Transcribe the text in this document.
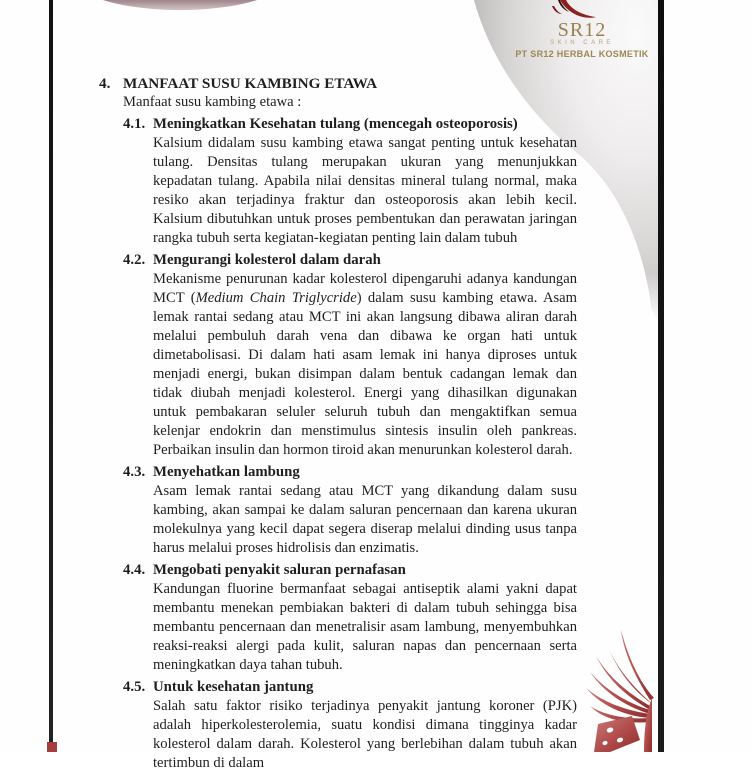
SR12
SKIN CARE
PT SR12 HERBAL KOSMETIK
4. MANFAAT SUSU KAMBING ETAWA
Manfaat susu kambing etawa :
4.1. Meningkatkan Kesehatan tulang (mencegah osteoporosis)
Kalsium didalam susu kambing etawa sangat penting untuk kesehatan tulang. Densitas tulang merupakan ukuran yang menunjukkan kepadatan tulang. Apabila nilai densitas mineral tulang normal, maka resiko akan terjadinya fraktur dan osteoporosis akan lebih kecil. Kalsium dibutuhkan untuk proses pembentukan dan perawatan jaringan rangka tubuh serta kegiatan-kegiatan penting lain dalam tubuh
4.2. Mengurangi kolesterol dalam darah
Mekanisme penurunan kadar kolesterol dipengaruhi adanya kandungan MCT (Medium Chain Triglycride) dalam susu kambing etawa. Asam lemak rantai sedang atau MCT ini akan langsung dibawa aliran darah melalui pembuluh darah vena dan dibawa ke organ hati untuk dimetabolisasi. Di dalam hati asam lemak ini hanya diproses untuk menjadi energi, bukan disimpan dalam bentuk cadangan lemak dan tidak diubah menjadi kolesterol. Energi yang dihasilkan digunakan untuk pembakaran seluler seluruh tubuh dan mengaktifkan semua kelenjar endokrin dan menstimulus sintesis insulin oleh pankreas. Perbaikan insulin dan hormon tiroid akan menurunkan kolesterol darah.
4.3. Menyehatkan lambung
Asam lemak rantai sedang atau MCT yang dikandung dalam susu kambing, akan sampai ke dalam saluran pencernaan dan karena ukuran molekulnya yang kecil dapat segera diserap melalui dinding usus tanpa harus melalui proses hidrolisis dan enzimatis.
4.4. Mengobati penyakit saluran pernafasan
Kandungan fluorine bermanfaat sebagai antiseptik alami yakni dapat membantu menekan pembiakan bakteri di dalam tubuh sehingga bisa membantu pencernaan dan menetralisir asam lambung, menyembuhkan reaksi-reaksi alergi pada kulit, saluran napas dan pencernaan serta meningkatkan daya tahan tubuh.
4.5. Untuk kesehatan jantung
Salah satu faktor risiko terjadinya penyakit jantung koroner (PJK) adalah hiperkolesterolemia, suatu kondisi dimana tingginya kadar kolesterol dalam darah. Kolesterol yang berlebihan dalam tubuh akan tertimbun di dalam
